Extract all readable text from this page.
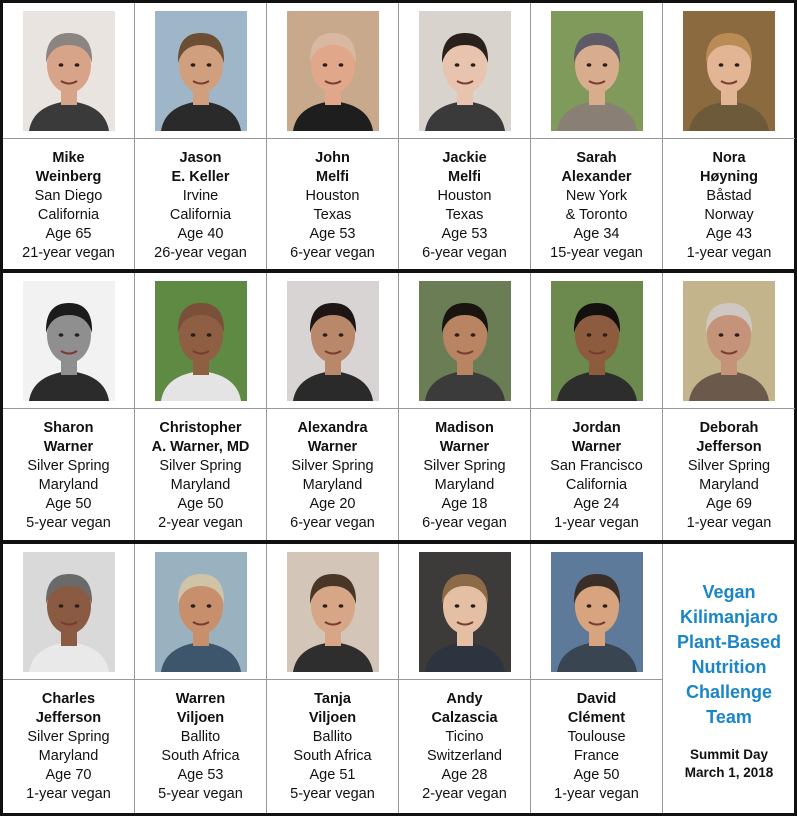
Mike
Weinberg
San Diego
California
Age 65
21-year vegan
Jason
E. Keller
Irvine
California
Age 40
26-year vegan
John
Melfi
Houston
Texas
Age 53
6-year vegan
Jackie
Melfi
Houston
Texas
Age 53
6-year vegan
Sarah
Alexander
New York
& Toronto
Age 34
15-year vegan
Nora
Høyning
Båstad
Norway
Age 43
1-year vegan
Sharon
Warner
Silver Spring
Maryland
Age 50
5-year vegan
Christopher
A. Warner, MD
Silver Spring
Maryland
Age 50
2-year vegan
Alexandra
Warner
Silver Spring
Maryland
Age 20
6-year vegan
Madison
Warner
Silver Spring
Maryland
Age 18
6-year vegan
Jordan
Warner
San Francisco
California
Age 24
1-year vegan
Deborah
Jefferson
Silver Spring
Maryland
Age 69
1-year vegan
Charles
Jefferson
Silver Spring
Maryland
Age 70
1-year vegan
Warren
Viljoen
Ballito
South Africa
Age 53
5-year vegan
Tanja
Viljoen
Ballito
South Africa
Age 51
5-year vegan
Andy
Calzascia
Ticino
Switzerland
Age 28
2-year vegan
David
Clément
Toulouse
France
Age 50
1-year vegan
Vegan
Kilimanjaro
Plant-Based
Nutrition
Challenge
Team
Summit Day
March 1, 2018
